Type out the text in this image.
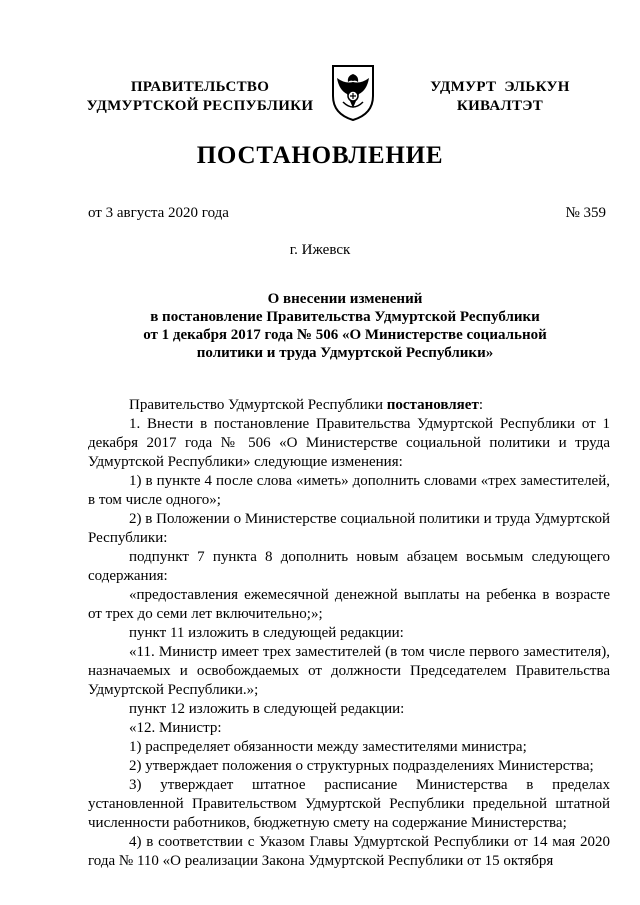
ПРАВИТЕЛЬСТВО
УДМУРТСКОЙ РЕСПУБЛИКИ
УДМУРТ ЭЛЬКУН
КИВАЛТЭТ
ПОСТАНОВЛЕНИЕ
от 3 августа 2020 года	№ 359
г. Ижевск
О внесении изменений
в постановление Правительства Удмуртской Республики
от 1 декабря 2017 года № 506 «О Министерстве социальной
политики и труда Удмуртской Республики»

Правительство Удмуртской Республики постановляет:

1. Внести в постановление Правительства Удмуртской Республики от 1 декабря 2017 года № 506 «О Министерстве социальной политики и труда Удмуртской Республики» следующие изменения:

1) в пункте 4 после слова «иметь» дополнить словами «трех заместителей, в том числе одного»;

2) в Положении о Министерстве социальной политики и труда Удмуртской Республики:

подпункт 7 пункта 8 дополнить новым абзацем восьмым следующего содержания:

«предоставления ежемесячной денежной выплаты на ребенка в возрасте от трех до семи лет включительно;»;

пункт 11 изложить в следующей редакции:

«11. Министр имеет трех заместителей (в том числе первого заместителя), назначаемых и освобождаемых от должности Председателем Правительства Удмуртской Республики.»;

пункт 12 изложить в следующей редакции:

«12. Министр:

1) распределяет обязанности между заместителями министра;

2) утверждает положения о структурных подразделениях Министерства;

3) утверждает штатное расписание Министерства в пределах установленной Правительством Удмуртской Республики предельной штатной численности работников, бюджетную смету на содержание Министерства;

4) в соответствии с Указом Главы Удмуртской Республики от 14 мая 2020 года № 110 «О реализации Закона Удмуртской Республики от 15 октября
